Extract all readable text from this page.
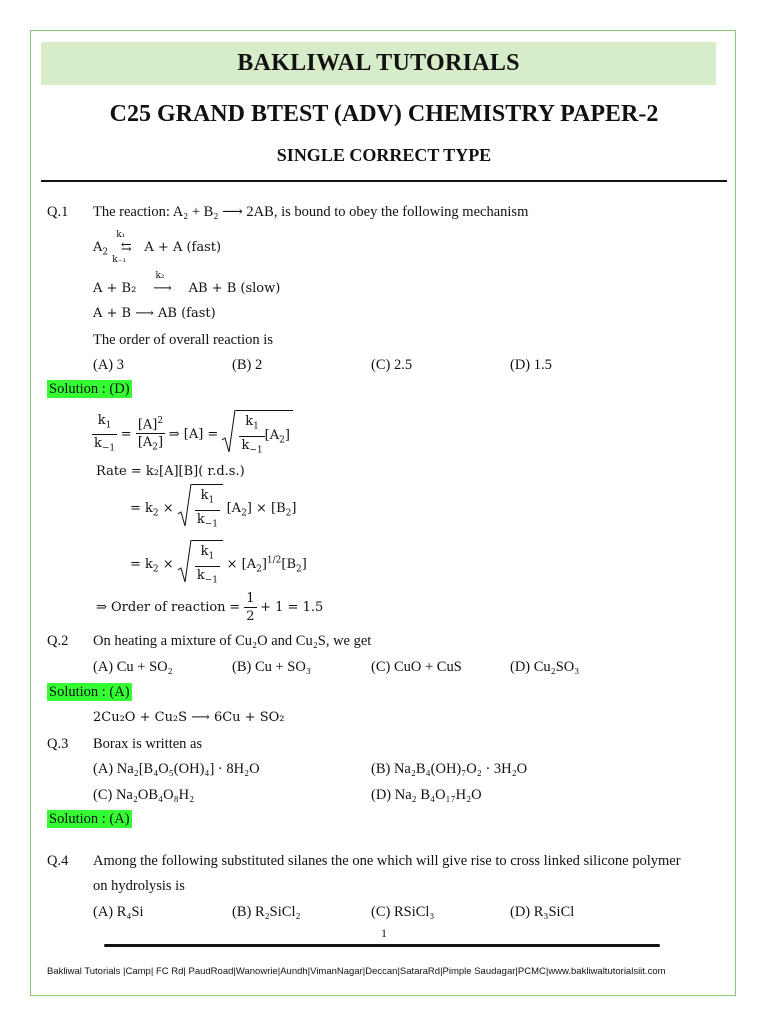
BAKLIWAL TUTORIALS
C25 GRAND BTEST (ADV) CHEMISTRY PAPER-2
SINGLE CORRECT TYPE
Q.1 The reaction: A₂ + B₂ ⟶ 2AB, is bound to obey the following mechanism
$A_2$
k₁
⇆
k₋₁
A + A (fast)
A + B₂
k₂
⟶ AB + B (slow)
A + B ⟶ AB (fast)
The order of overall reaction is
(A) 3	(B) 2	(C) 2.5	(D) 1.5
Solution : (D)
$\frac{k_1}{k_{-1}} = \frac{[A]^2}{[A_2]}$ ⇒ $[A] = \frac{k_1}{k_{-1}} [A_2]$
Rate = k₂[A][B]( r.d.s.)
= $k_2 \times \frac{k_1}{k_{-1}} [A_2] \times [B_2]$
= $k_2 \times \frac{k_1}{k_{-1}} \times [A_2]^{1/2}[B_2]$
⇒ Order of reaction = $\frac{1}{2} + 1 = 1.5$
Q.2 On heating a mixture of Cu₂O and Cu₂S, we get
(A) Cu + SO₂	(B) Cu + SO₃	(C) CuO + CuS	(D) Cu₂SO₃
Solution : (A)
2Cu₂O + Cu₂S ⟶ 6Cu + SO₂
Q.3 Borax is written as
(A) Na₂[B₄O₅(OH)₄] · 8H₂O	(B) Na₂B₄(OH)₇O₂ · 3H₂O
(C) Na₂OB₄O₈H₂	(D) Na₂ B₄O₁₇H₂O
Solution : (A)
Q.4 Among the following substituted silanes the one which will give rise to cross linked silicone polymer
on hydrolysis is
(A) R₄Si	(B) R₂SiCl₂	(C) RSiCl₃	(D) R₃SiCl
1
Bakliwal Tutorials |Camp| FC Rd| PaudRoad|Wanowrie|Aundh|VimanNagar|Deccan|SataraRd|Pimple Saudagar|PCMC|www.bakliwaltutorialsiit.com
